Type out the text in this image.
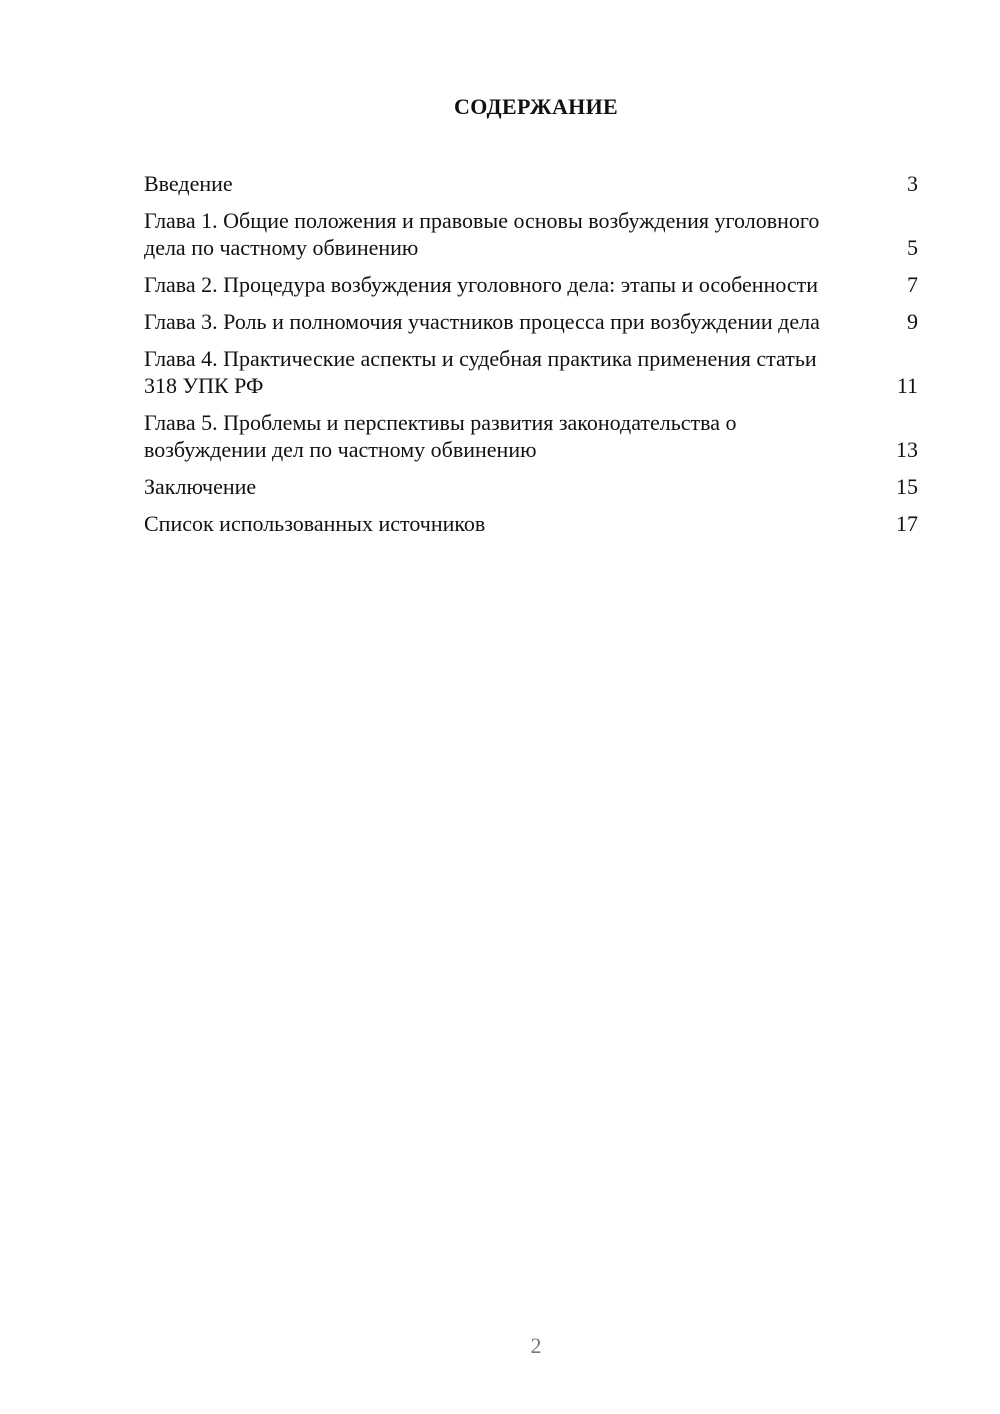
СОДЕРЖАНИЕ
Введение	3
Глава 1. Общие положения и правовые основы возбуждения уголовного дела по частному обвинению	5
Глава 2. Процедура возбуждения уголовного дела: этапы и особенности	7
Глава 3. Роль и полномочия участников процесса при возбуждении дела	9
Глава 4. Практические аспекты и судебная практика применения статьи 318 УПК РФ	11
Глава 5. Проблемы и перспективы развития законодательства о возбуждении дел по частному обвинению	13
Заключение	15
Список использованных источников	17
2
